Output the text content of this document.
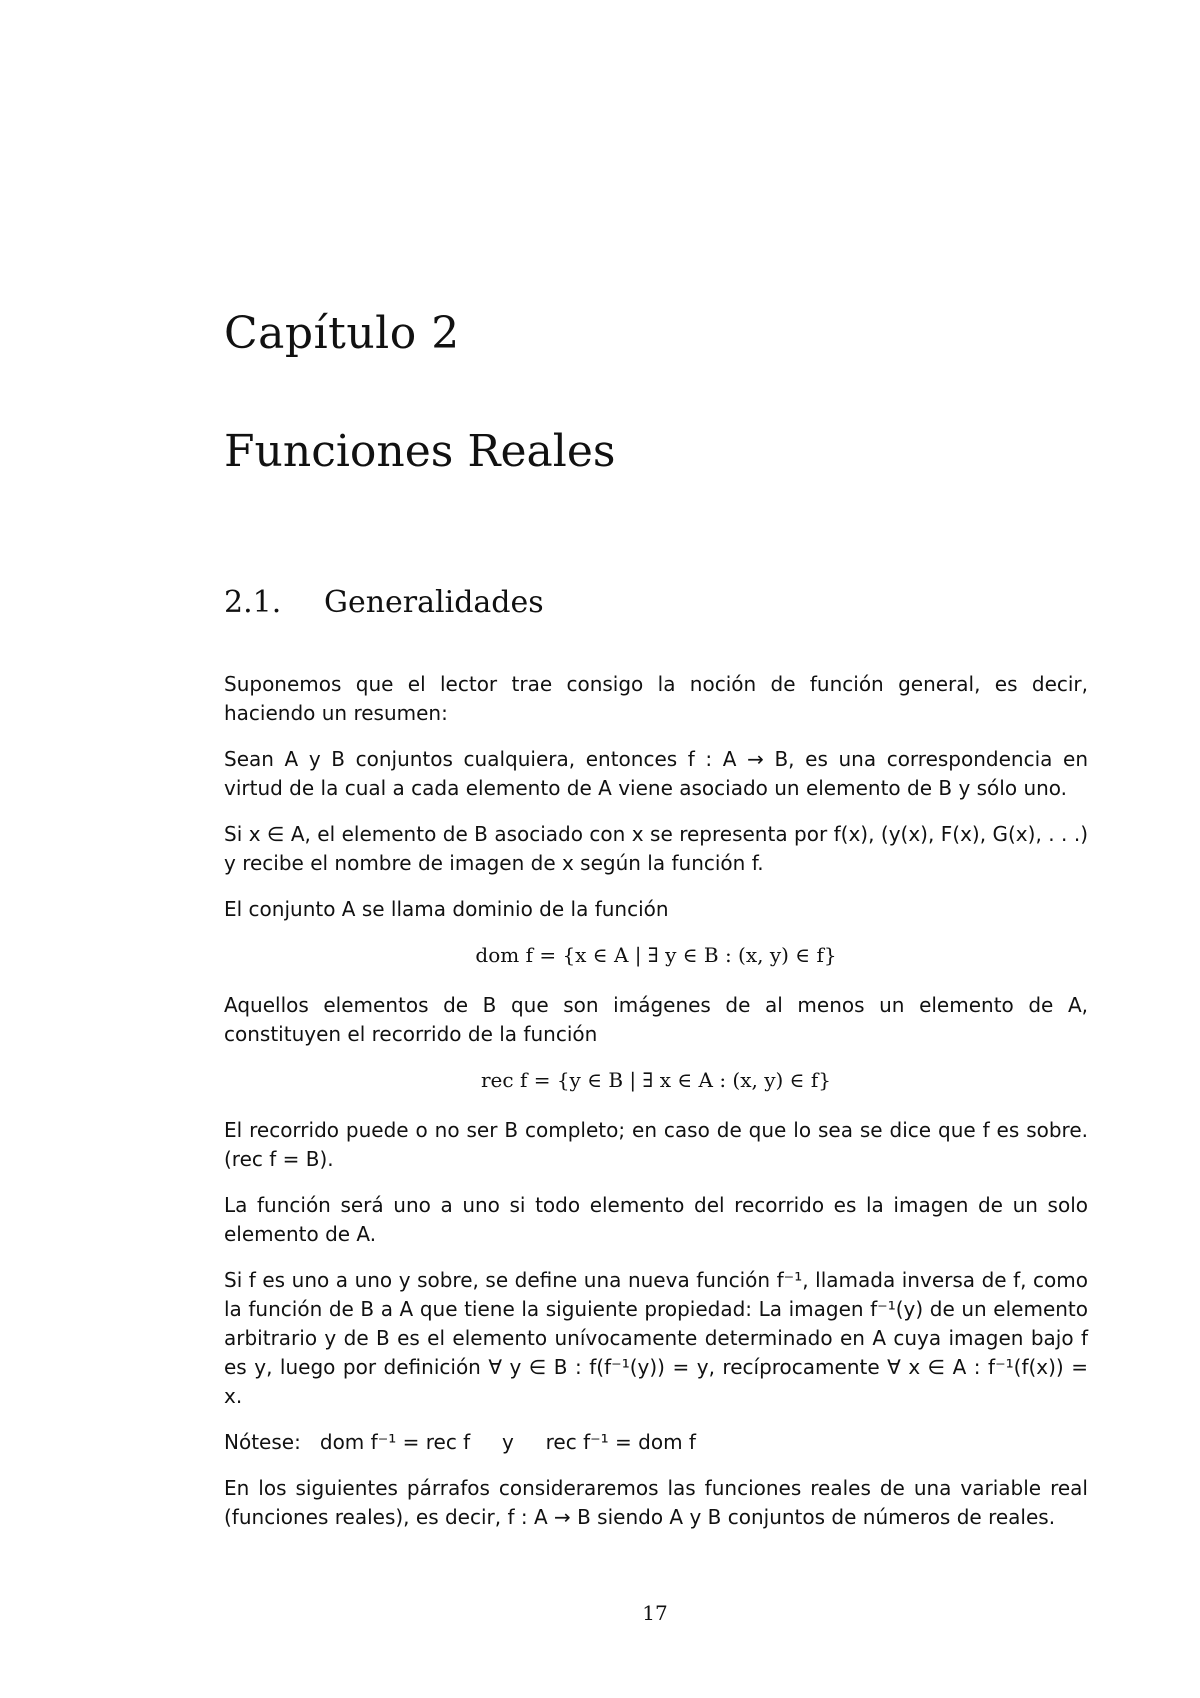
Capítulo 2
Funciones Reales
2.1. Generalidades

Suponemos que el lector trae consigo la noción de función general, es decir, haciendo un resumen:

Sean A y B conjuntos cualquiera, entonces f : A → B, es una correspondencia en virtud de la cual a cada elemento de A viene asociado un elemento de B y sólo uno.

Si x ∈ A, el elemento de B asociado con x se representa por f(x), (y(x), F(x), G(x), . . .) y recibe el nombre de imagen de x según la función f.

El conjunto A se llama dominio de la función

dom f = {x ∈ A | ∃ y ∈ B : (x, y) ∈ f}

Aquellos elementos de B que son imágenes de al menos un elemento de A, constituyen el recorrido de la función

rec f = {y ∈ B | ∃ x ∈ A : (x, y) ∈ f}

El recorrido puede o no ser B completo; en caso de que lo sea se dice que f es sobre. (rec f = B).

La función será uno a uno si todo elemento del recorrido es la imagen de un solo elemento de A.

Si f es uno a uno y sobre, se define una nueva función f⁻¹, llamada inversa de f, como la función de B a A que tiene la siguiente propiedad: La imagen f⁻¹(y) de un elemento arbitrario y de B es el elemento unívocamente determinado en A cuya imagen bajo f es y, luego por definición ∀ y ∈ B : f(f⁻¹(y)) = y, recíprocamente ∀ x ∈ A : f⁻¹(f(x)) = x.

Nótese:   dom f⁻¹ = rec f     y     rec f⁻¹ = dom f

En los siguientes párrafos consideraremos las funciones reales de una variable real (funciones reales), es decir, f : A → B siendo A y B conjuntos de números de reales.

17
